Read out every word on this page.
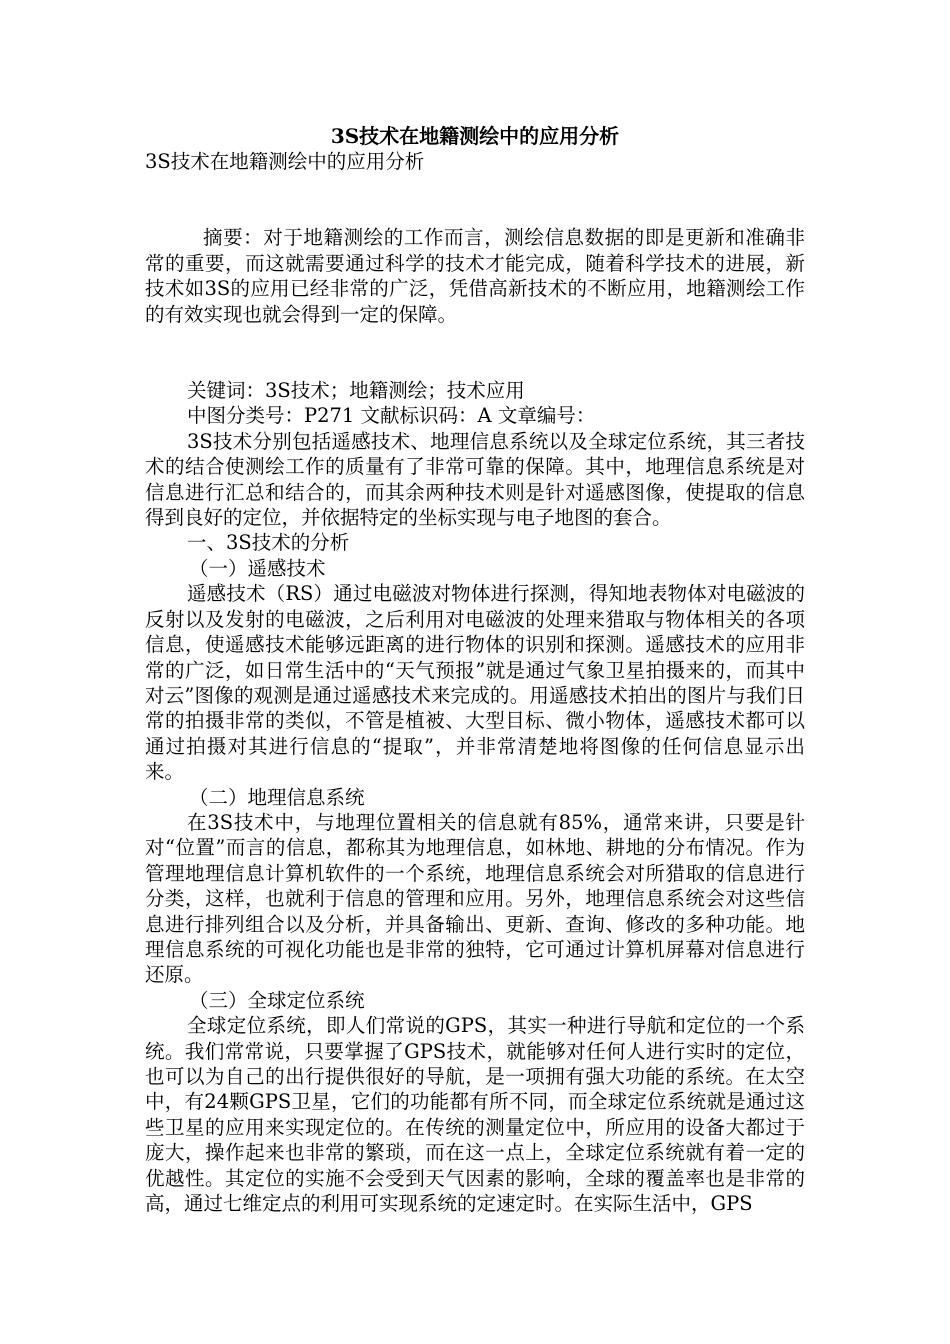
3S技术在地籍测绘中的应用分析

3S技术在地籍测绘中的应用分析

摘要：对于地籍测绘的工作而言，测绘信息数据的即是更新和准确非常的重要，而这就需要通过科学的技术才能完成，随着科学技术的进展，新技术如3S的应用已经非常的广泛，凭借高新技术的不断应用，地籍测绘工作的有效实现也就会得到一定的保障。

关键词：3S技术；地籍测绘；技术应用

中图分类号：P271 文献标识码：A 文章编号：

3S技术分别包括遥感技术、地理信息系统以及全球定位系统，其三者技术的结合使测绘工作的质量有了非常可靠的保障。其中，地理信息系统是对信息进行汇总和结合的，而其余两种技术则是针对遥感图像，使提取的信息得到良好的定位，并依据特定的坐标实现与电子地图的套合。

一、3S技术的分析

（一）遥感技术

遥感技术（RS）通过电磁波对物体进行探测，得知地表物体对电磁波的反射以及发射的电磁波，之后利用对电磁波的处理来猎取与物体相关的各项信息，使遥感技术能够远距离的进行物体的识别和探测。遥感技术的应用非常的广泛，如日常生活中的“天气预报”就是通过气象卫星拍摄来的，而其中对云”图像的观测是通过遥感技术来完成的。用遥感技术拍出的图片与我们日常的拍摄非常的类似，不管是植被、大型目标、微小物体，遥感技术都可以通过拍摄对其进行信息的“提取”，并非常清楚地将图像的任何信息显示出来。

（二）地理信息系统

在3S技术中，与地理位置相关的信息就有85%，通常来讲，只要是针对“位置”而言的信息，都称其为地理信息，如林地、耕地的分布情况。作为管理地理信息计算机软件的一个系统，地理信息系统会对所猎取的信息进行分类，这样，也就利于信息的管理和应用。另外，地理信息系统会对这些信息进行排列组合以及分析，并具备输出、更新、查询、修改的多种功能。地理信息系统的可视化功能也是非常的独特，它可通过计算机屏幕对信息进行还原。

（三）全球定位系统

全球定位系统，即人们常说的GPS，其实一种进行导航和定位的一个系统。我们常常说，只要掌握了GPS技术，就能够对任何人进行实时的定位，也可以为自己的出行提供很好的导航，是一项拥有强大功能的系统。在太空中，有24颗GPS卫星，它们的功能都有所不同，而全球定位系统就是通过这些卫星的应用来实现定位的。在传统的测量定位中，所应用的设备大都过于庞大，操作起来也非常的繁琐，而在这一点上，全球定位系统就有着一定的优越性。其定位的实施不会受到天气因素的影响，全球的覆盖率也是非常的高，通过七维定点的利用可实现系统的定速定时。在实际生活中，GPS
